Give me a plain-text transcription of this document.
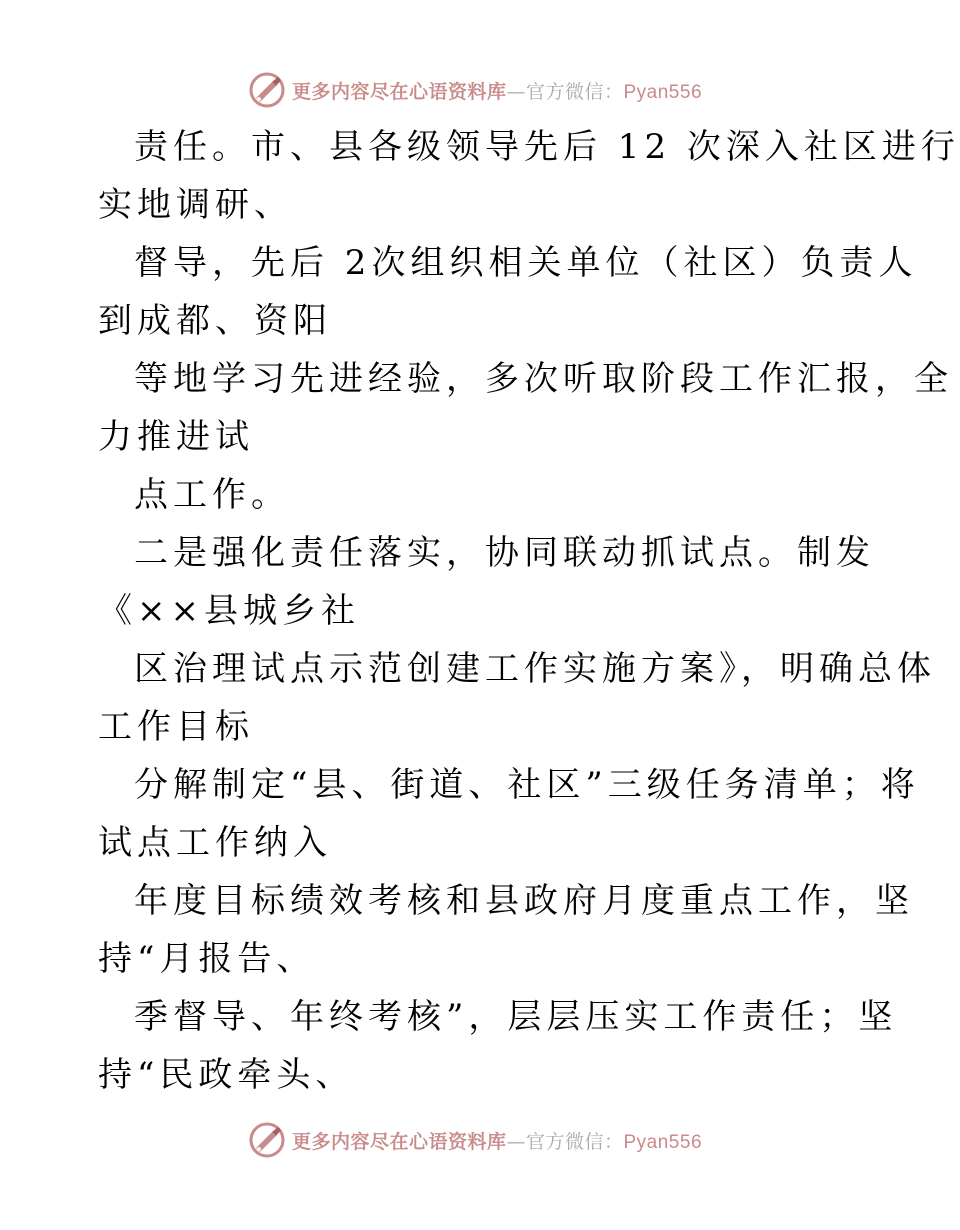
更多内容尽在心语资料库—官方微信：Pyan556
责任。市、县各级领导先后 12 次深入社区进行
实地调研、
督导，先后 2次组织相关单位（社区）负责人
到成都、资阳
等地学习先进经验，多次听取阶段工作汇报，全
力推进试
点工作。
二是强化责任落实，协同联动抓试点。制发
《××县城乡社
区治理试点示范创建工作实施方案》，明确总体
工作目标
分解制定“县、街道、社区”三级任务清单；将
试点工作纳入
年度目标绩效考核和县政府月度重点工作，坚
持“月报告、
季督导、年终考核”，层层压实工作责任；坚
持“民政牵头、
更多内容尽在心语资料库—官方微信：Pyan556
